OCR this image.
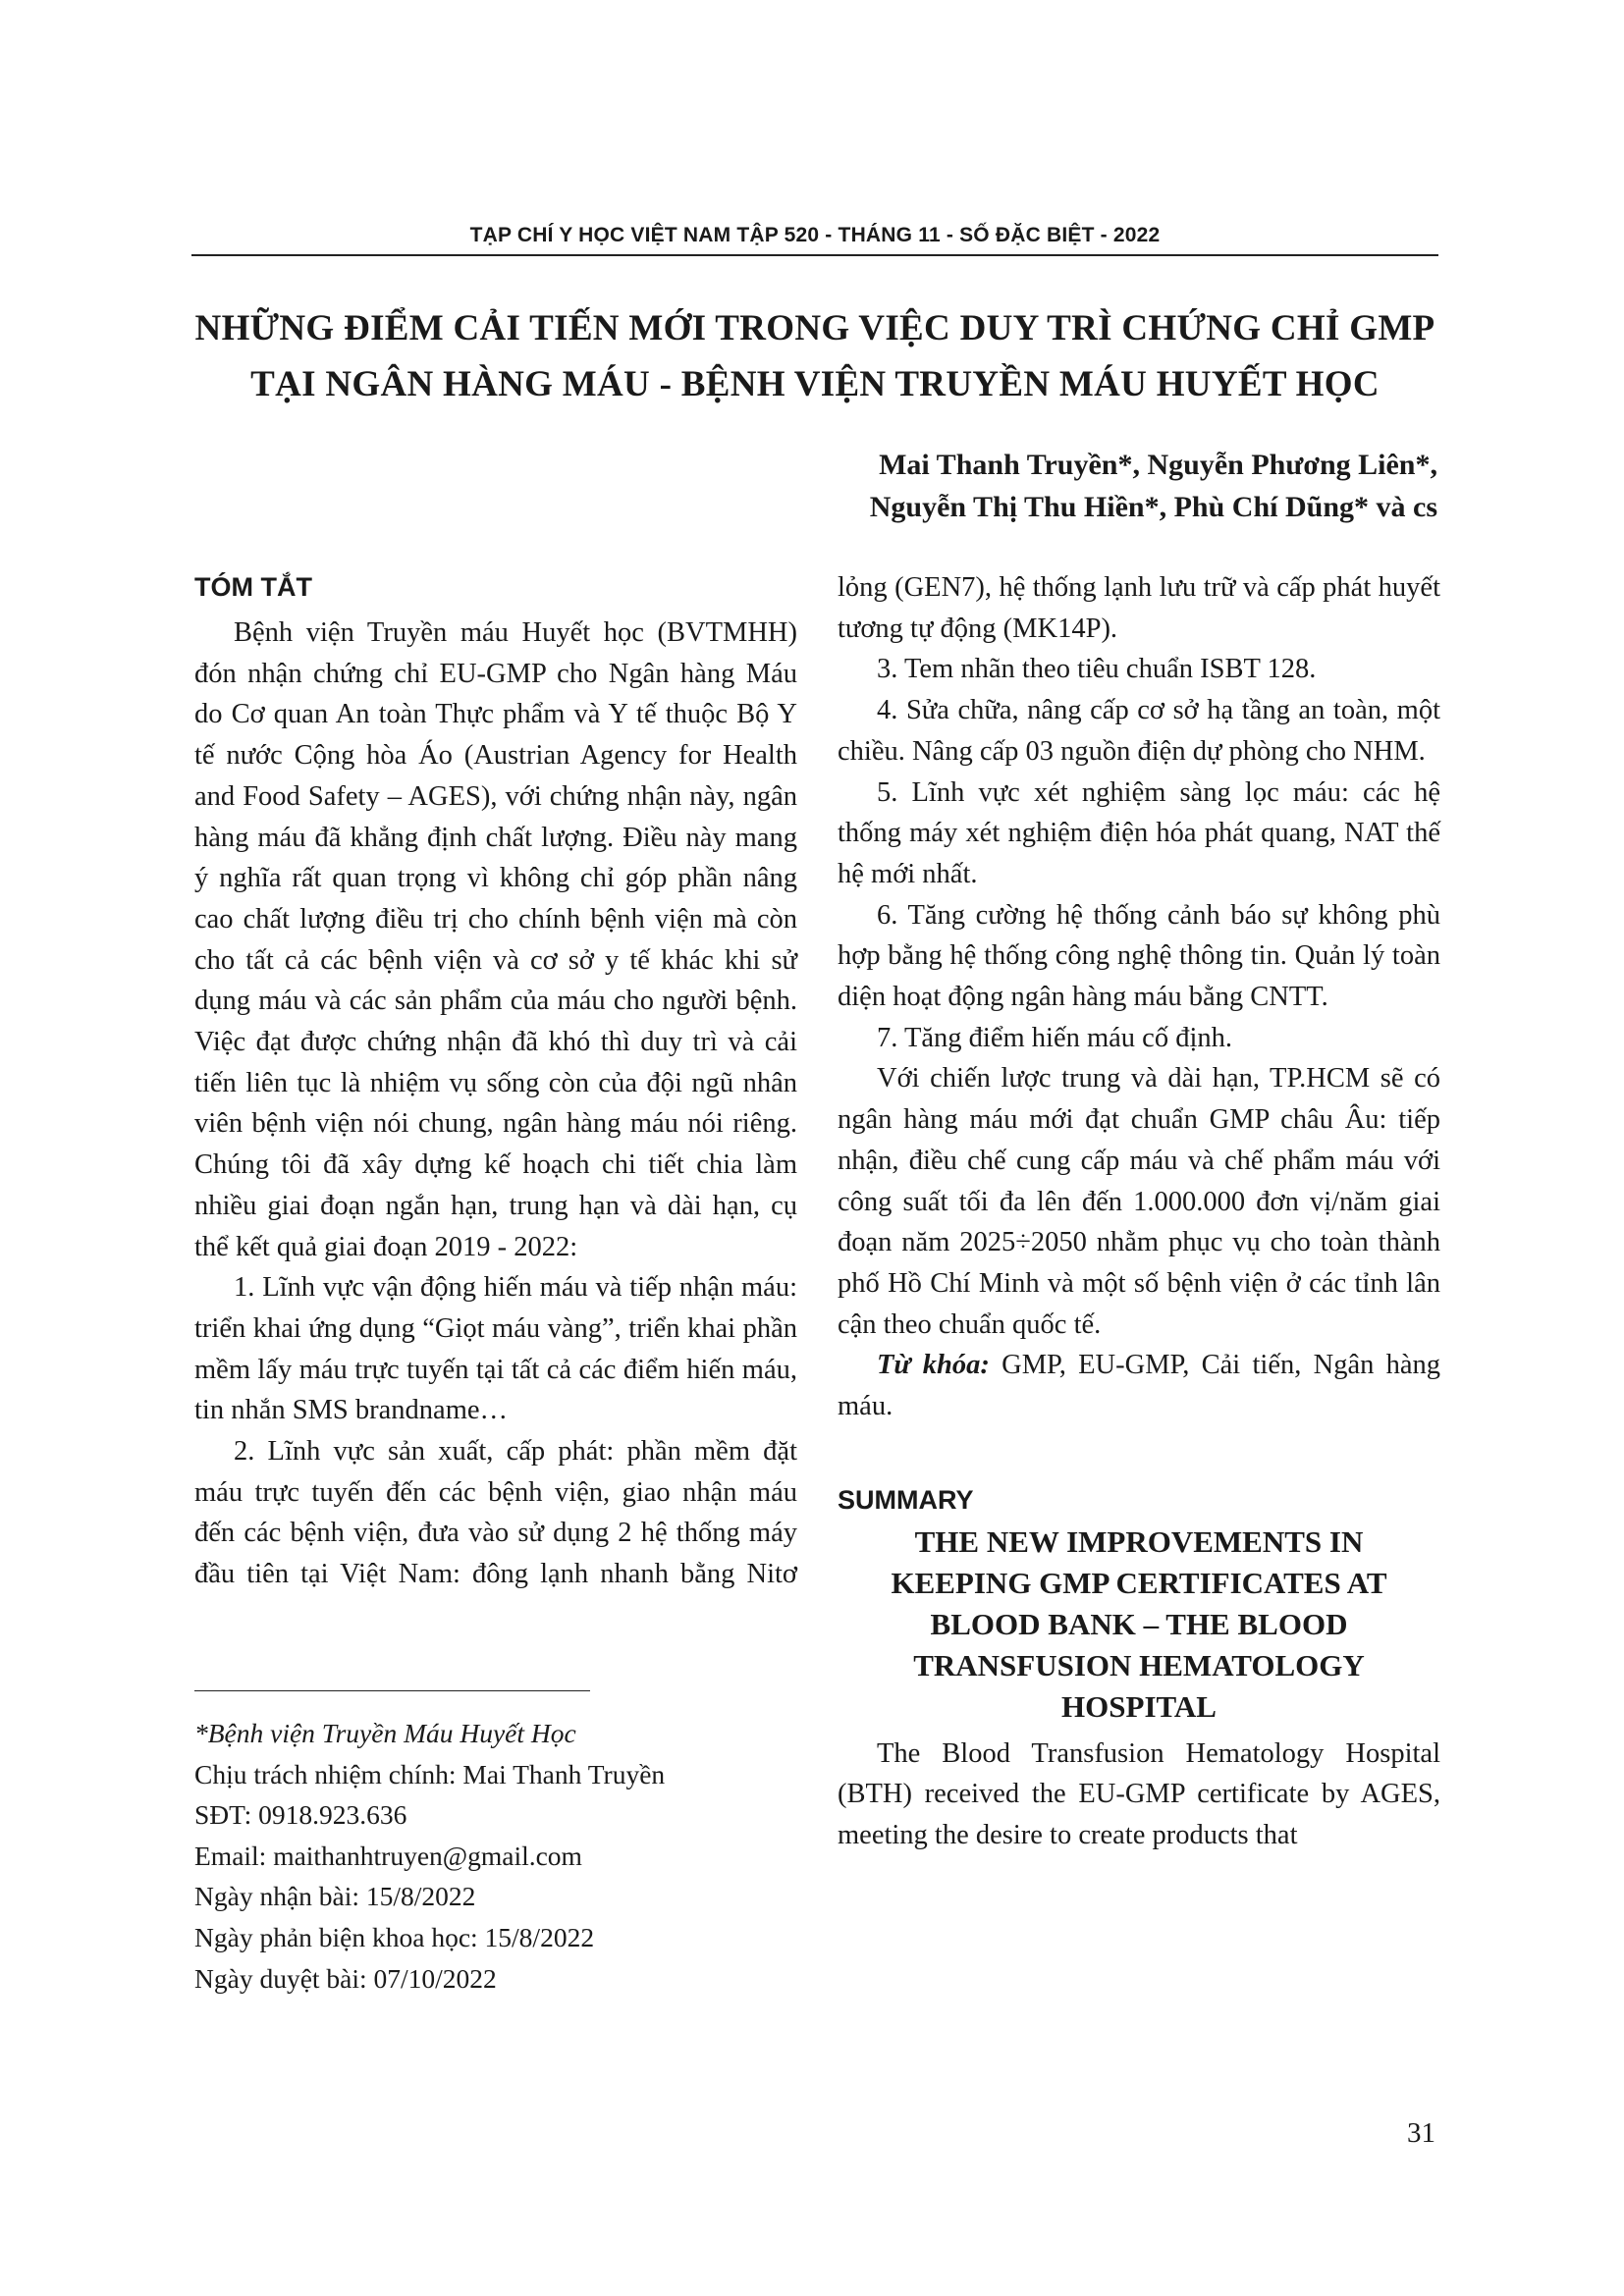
TẠP CHÍ Y HỌC VIỆT NAM TẬP 520 - THÁNG 11 - SỐ ĐẶC BIỆT - 2022
NHỮNG ĐIỂM CẢI TIẾN MỚI TRONG VIỆC DUY TRÌ CHỨNG CHỈ GMP
TẠI NGÂN HÀNG MÁU - BỆNH VIỆN TRUYỀN MÁU HUYẾT HỌC
Mai Thanh Truyền*, Nguyễn Phương Liên*,
Nguyễn Thị Thu Hiền*, Phù Chí Dũng* và cs
TÓM TẮT

Bệnh viện Truyền máu Huyết học (BVTMHH) đón nhận chứng chỉ EU-GMP cho Ngân hàng Máu do Cơ quan An toàn Thực phẩm và Y tế thuộc Bộ Y tế nước Cộng hòa Áo (Austrian Agency for Health and Food Safety – AGES), với chứng nhận này, ngân hàng máu đã khẳng định chất lượng. Điều này mang ý nghĩa rất quan trọng vì không chỉ góp phần nâng cao chất lượng điều trị cho chính bệnh viện mà còn cho tất cả các bệnh viện và cơ sở y tế khác khi sử dụng máu và các sản phẩm của máu cho người bệnh. Việc đạt được chứng nhận đã khó thì duy trì và cải tiến liên tục là nhiệm vụ sống còn của đội ngũ nhân viên bệnh viện nói chung, ngân hàng máu nói riêng. Chúng tôi đã xây dựng kế hoạch chi tiết chia làm nhiều giai đoạn ngắn hạn, trung hạn và dài hạn, cụ thể kết quả giai đoạn 2019 - 2022:

1. Lĩnh vực vận động hiến máu và tiếp nhận máu: triển khai ứng dụng “Giọt máu vàng”, triển khai phần mềm lấy máu trực tuyến tại tất cả các điểm hiến máu, tin nhắn SMS brandname…

2. Lĩnh vực sản xuất, cấp phát: phần mềm đặt máu trực tuyến đến các bệnh viện, giao nhận máu đến các bệnh viện, đưa vào sử dụng 2 hệ thống máy đầu tiên tại Việt Nam: đông lạnh nhanh bằng Nitơ

lỏng (GEN7), hệ thống lạnh lưu trữ và cấp phát huyết tương tự động (MK14P).

3. Tem nhãn theo tiêu chuẩn ISBT 128.

4. Sửa chữa, nâng cấp cơ sở hạ tầng an toàn, một chiều. Nâng cấp 03 nguồn điện dự phòng cho NHM.

5. Lĩnh vực xét nghiệm sàng lọc máu: các hệ thống máy xét nghiệm điện hóa phát quang, NAT thế hệ mới nhất.

6. Tăng cường hệ thống cảnh báo sự không phù hợp bằng hệ thống công nghệ thông tin. Quản lý toàn diện hoạt động ngân hàng máu bằng CNTT.

7. Tăng điểm hiến máu cố định.

Với chiến lược trung và dài hạn, TP.HCM sẽ có ngân hàng máu mới đạt chuẩn GMP châu Âu: tiếp nhận, điều chế cung cấp máu và chế phẩm máu với công suất tối đa lên đến 1.000.000 đơn vị/năm giai đoạn năm 2025÷2050 nhằm phục vụ cho toàn thành phố Hồ Chí Minh và một số bệnh viện ở các tỉnh lân cận theo chuẩn quốc tế.

Từ khóa: GMP, EU-GMP, Cải tiến, Ngân hàng máu.

SUMMARY
THE NEW IMPROVEMENTS IN
KEEPING GMP CERTIFICATES AT
BLOOD BANK – THE BLOOD
TRANSFUSION HEMATOLOGY
HOSPITAL

The Blood Transfusion Hematology Hospital (BTH) received the EU-GMP certificate by AGES, meeting the desire to create products that

*Bệnh viện Truyền Máu Huyết Học
Chịu trách nhiệm chính: Mai Thanh Truyền
SĐT: 0918.923.636
Email: maithanhtruyen@gmail.com
Ngày nhận bài: 15/8/2022
Ngày phản biện khoa học: 15/8/2022
Ngày duyệt bài: 07/10/2022
31
